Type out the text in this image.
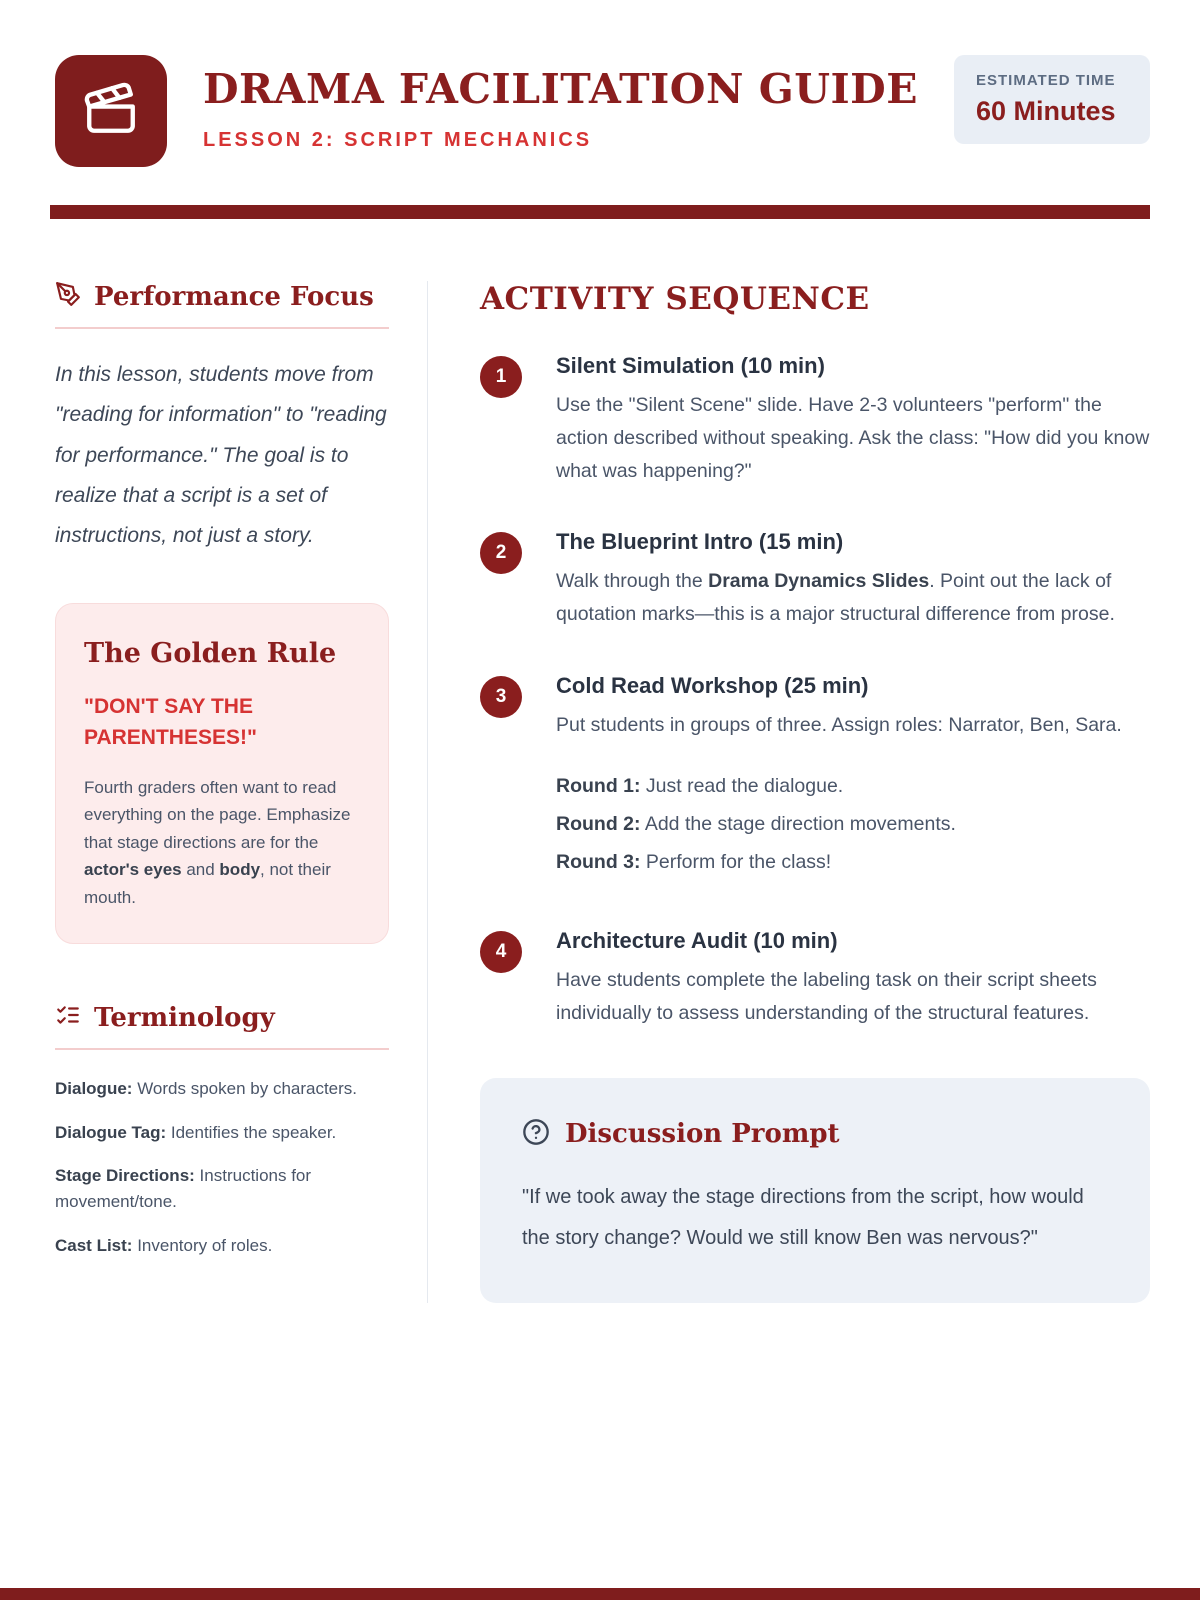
DRAMA FACILITATION GUIDE
LESSON 2: SCRIPT MECHANICS
ESTIMATED TIME
60 Minutes
Performance Focus

In this lesson, students move from "reading for information" to "reading for performance." The goal is to realize that a script is a set of instructions, not just a story.

The Golden Rule
"DON'T SAY THE PARENTHESES!"
Fourth graders often want to read everything on the page. Emphasize that stage directions are for the actor's eyes and body, not their mouth.
Terminology
Dialogue: Words spoken by characters.
Dialogue Tag: Identifies the speaker.
Stage Directions: Instructions for movement/tone.
Cast List: Inventory of roles.
ACTIVITY SEQUENCE
1	Silent Simulation (10 min)
Use the "Silent Scene" slide. Have 2-3 volunteers "perform" the action described without speaking. Ask the class: "How did you know what was happening?"
2	The Blueprint Intro (15 min)
Walk through the Drama Dynamics Slides. Point out the lack of quotation marks—this is a major structural difference from prose.
3	Cold Read Workshop (25 min)
Put students in groups of three. Assign roles: Narrator, Ben, Sara.
Round 1: Just read the dialogue.
Round 2: Add the stage direction movements.
Round 3: Perform for the class!
4	Architecture Audit (10 min)
Have students complete the labeling task on their script sheets individually to assess understanding of the structural features.
Discussion Prompt
"If we took away the stage directions from the script, how would the story change? Would we still know Ben was nervous?"
